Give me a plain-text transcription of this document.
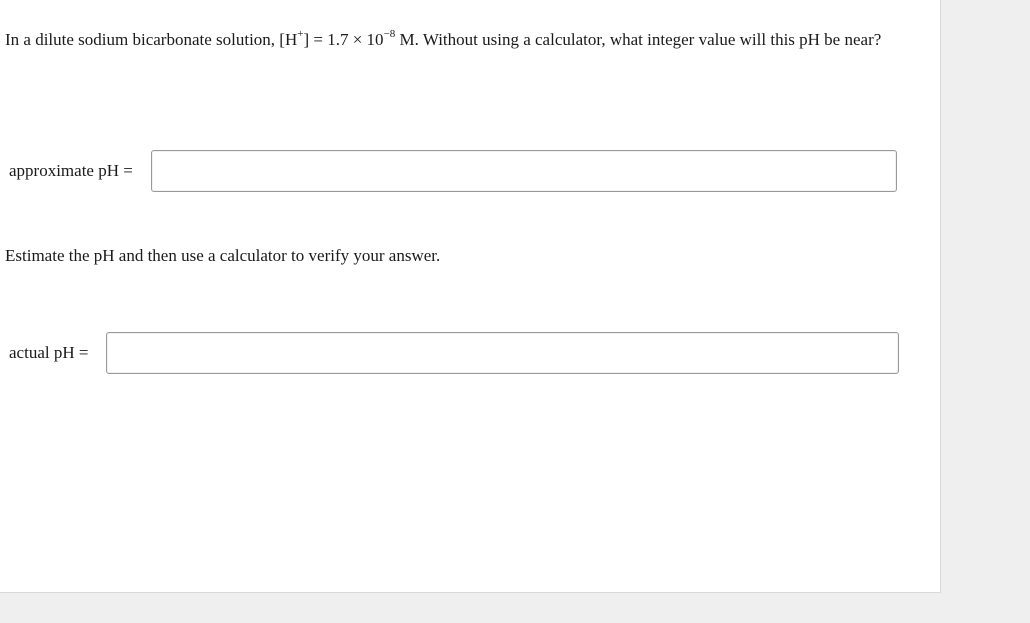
In a dilute sodium bicarbonate solution, $[H^+] = 1.7 \times 10^{-8}$ M. Without using a calculator, what integer value will this pH be near?
approximate pH =
Estimate the pH and then use a calculator to verify your answer.
actual pH =
